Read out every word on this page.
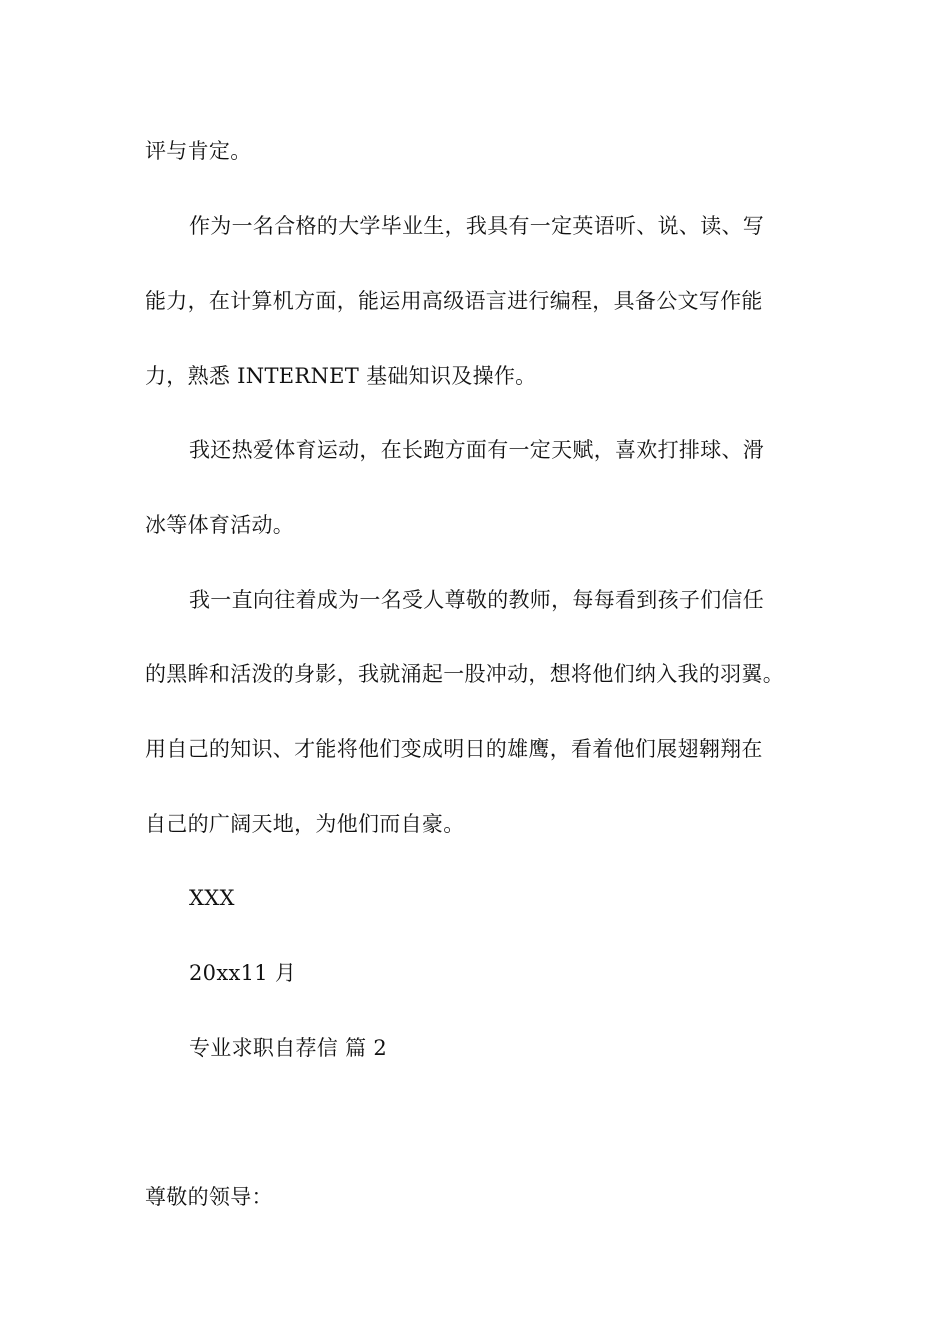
评与肯定。
作为一名合格的大学毕业生，我具有一定英语听、说、读、写
能力，在计算机方面，能运用高级语言进行编程，具备公文写作能
力，熟悉 INTERNET 基础知识及操作。
我还热爱体育运动，在长跑方面有一定天赋，喜欢打排球、滑
冰等体育活动。
我一直向往着成为一名受人尊敬的教师，每每看到孩子们信任
的黑眸和活泼的身影，我就涌起一股冲动，想将他们纳入我的羽翼。
用自己的知识、才能将他们变成明日的雄鹰，看着他们展翅翱翔在
自己的广阔天地，为他们而自豪。
XXX
20xx11 月
专业求职自荐信 篇 2
尊敬的领导：
